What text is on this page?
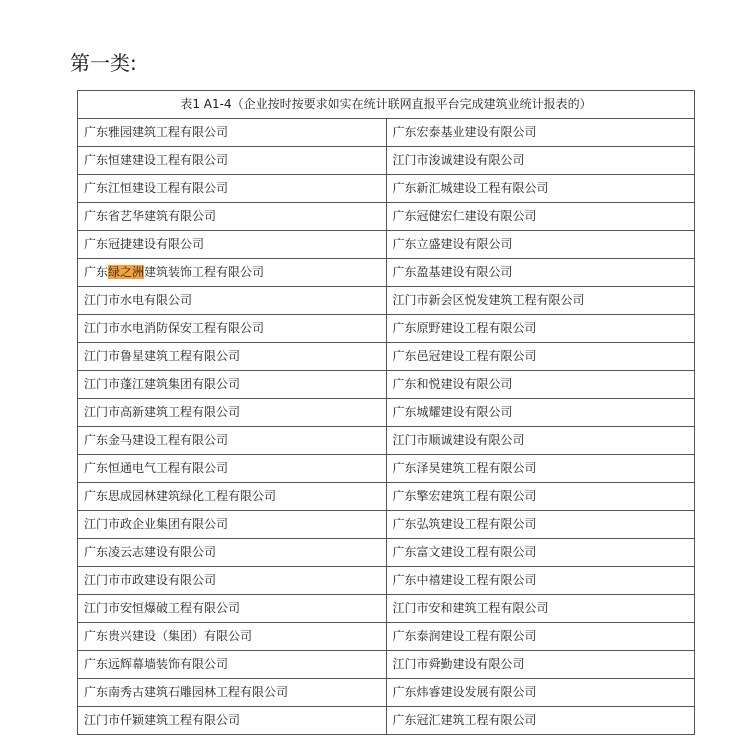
第一类:
表1 A1-4（企业按时按要求如实在统计联网直报平台完成建筑业统计报表的）	
广东雅园建筑工程有限公司	广东宏泰基业建设有限公司
广东恒建建设工程有限公司	江门市浚诚建设有限公司
广东江恒建设工程有限公司	广东新汇城建设工程有限公司
广东省艺华建筑有限公司	广东冠健宏仁建设有限公司
广东冠捷建设有限公司	广东立盛建设有限公司
广东绿之洲建筑装饰工程有限公司	广东盈基建设有限公司
江门市水电有限公司	江门市新会区悦发建筑工程有限公司
江门市水电消防保安工程有限公司	广东原野建设工程有限公司
江门市鲁星建筑工程有限公司	广东邑冠建设工程有限公司
江门市蓬江建筑集团有限公司	广东和悦建设有限公司
江门市高新建筑工程有限公司	广东城耀建设有限公司
广东金马建设工程有限公司	江门市顺诚建设有限公司
广东恒通电气工程有限公司	广东泽昊建筑工程有限公司
广东思成园林建筑绿化工程有限公司	广东擎宏建筑工程有限公司
江门市政企业集团有限公司	广东弘筑建设工程有限公司
广东凌云志建设有限公司	广东富文建设工程有限公司
江门市市政建设有限公司	广东中禧建设工程有限公司
江门市安恒爆破工程有限公司	江门市安和建筑工程有限公司
广东贵兴建设（集团）有限公司	广东泰润建设工程有限公司
广东远辉幕墙装饰有限公司	江门市舜勤建设有限公司
广东南秀古建筑石雕园林工程有限公司	广东炜睿建设发展有限公司
江门市仟颖建筑工程有限公司	广东冠汇建筑工程有限公司
